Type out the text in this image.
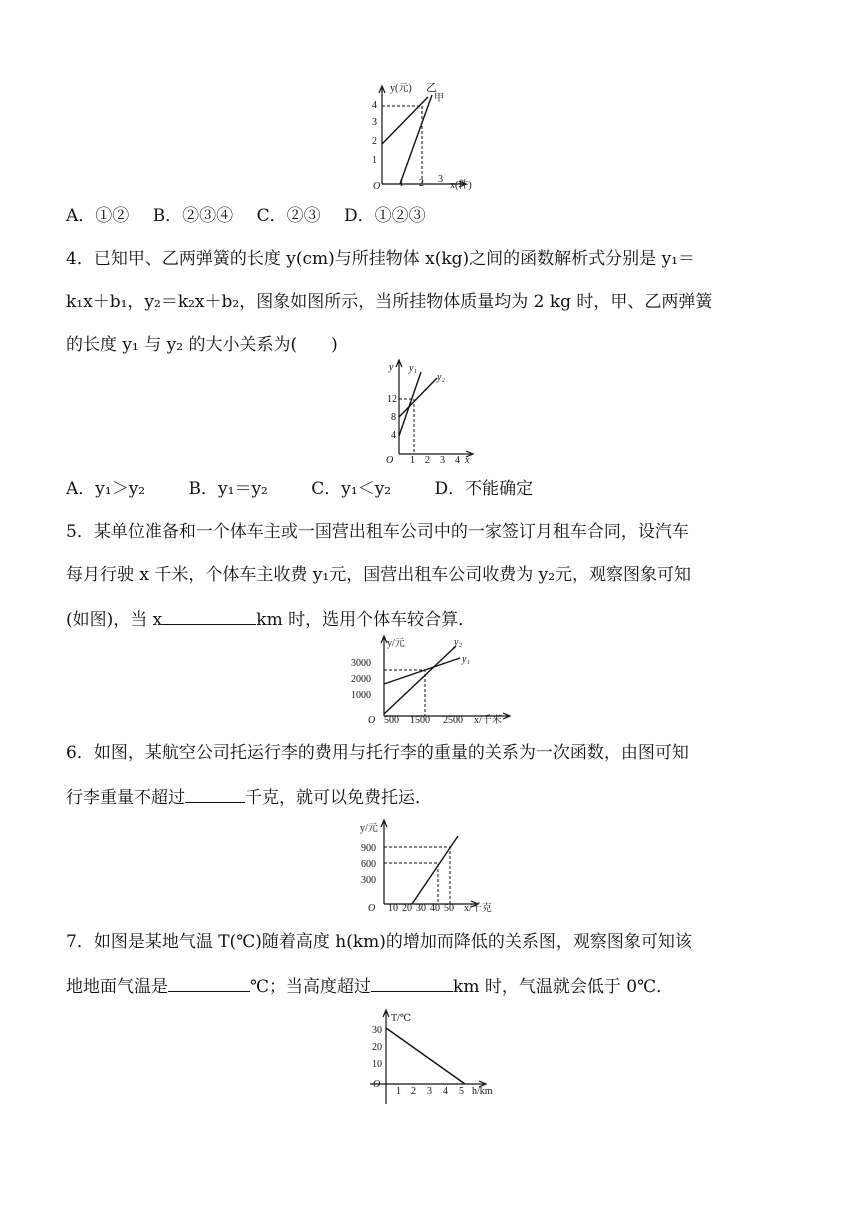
y(元) 乙
甲
O
1
2
3
4
1 2 3
x(件)
A．①② B．②③④ C．②③ D．①②③
4．已知甲、乙两弹簧的长度 y(cm)与所挂物体 x(kg)之间的函数解析式分别是 y₁＝
k₁x＋b₁，y₂＝k₂x＋b₂，图象如图所示，当所挂物体质量均为 2 kg 时，甲、乙两弹簧
的长度 y₁ 与 y₂ 的大小关系为(　　)
y y₁
y₂
O
4
8
12
1 2 3 4 x
A．y₁＞y₂	B．y₁＝y₂	C．y₁＜y₂	D．不能确定
5．某单位准备和一个体车主或一国营出租车公司中的一家签订月租车合同，设汽车
每月行驶 x 千米，个体车主收费 y₁元，国营出租车公司收费为 y₂元，观察图象可知
(如图)，当 x	km 时，选用个体车较合算．
y/元	y₂
y₁
O
1000
2000
3000
500 1500 2500 x/千米
6．如图，某航空公司托运行李的费用与托行李的重量的关系为一次函数，由图可知
行李重量不超过	千克，就可以免费托运．
y/元
O
300
600
900
10 20 30 40 50 x/千克
7．如图是某地气温 T(℃)随着高度 h(km)的增加而降低的关系图，观察图象可知该
地地面气温是	℃；当高度超过	km 时，气温就会低于 0℃．
T/℃
O
10
20
30
1 2 3 4 5 h/km
